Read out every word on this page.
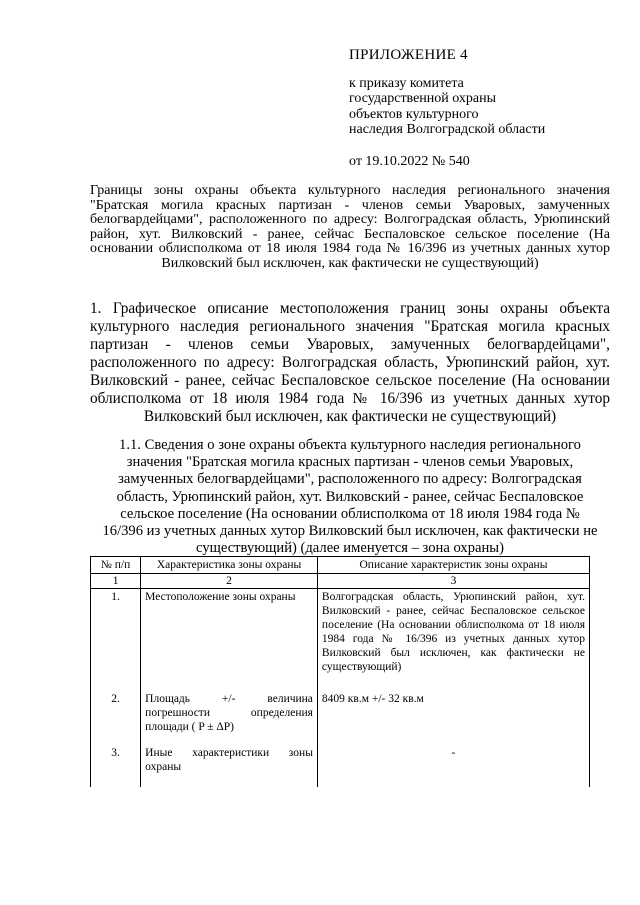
ПРИЛОЖЕНИЕ 4
к приказу комитета
государственной охраны
объектов культурного
наследия Волгоградской области
от 19.10.2022 № 540
Границы зоны охраны объекта культурного наследия регионального значения "Братская могила красных партизан - членов семьи Уваровых, замученных белогвардейцами", расположенного по адресу: Волгоградская область, Урюпинский район, хут. Вилковский - ранее, сейчас Беспаловское сельское поселение (На основании облисполкома от 18 июля 1984 года № 16/396 из учетных данных хутор Вилковский был исключен, как фактически не существующий)
1. Графическое описание местоположения границ зоны охраны объекта культурного наследия регионального значения "Братская могила красных партизан - членов семьи Уваровых, замученных белогвардейцами", расположенного по адресу: Волгоградская область, Урюпинский район, хут. Вилковский - ранее, сейчас Беспаловское сельское поселение (На основании облисполкома от 18 июля 1984 года № 16/396 из учетных данных хутор Вилковский был исключен, как фактически не существующий)
1.1. Сведения о зоне охраны объекта культурного наследия регионального значения "Братская могила красных партизан - членов семьи Уваровых, замученных белогвардейцами", расположенного по адресу: Волгоградская область, Урюпинский район, хут. Вилковский - ранее, сейчас Беспаловское сельское поселение (На основании облисполкома от 18 июля 1984 года № 16/396 из учетных данных хутор Вилковский был исключен, как фактически не существующий) (далее именуется – зона охраны)
№ п/п	Характеристика зоны охраны	Описание характеристик зоны охраны
1	2	3
1.	Местоположение зоны охраны	Волгоградская область, Урюпинский район, хут. Вилковский - ранее, сейчас Беспаловское сельское поселение (На основании облисполкома от 18 июля 1984 года № 16/396 из учетных данных хутор Вилковский был исключен, как фактически не существующий)
2.	Площадь +/- величина погрешности определения площади ( P ± ΔP)	8409 кв.м +/- 32 кв.м
3.	Иные характеристики зоны охраны	-
